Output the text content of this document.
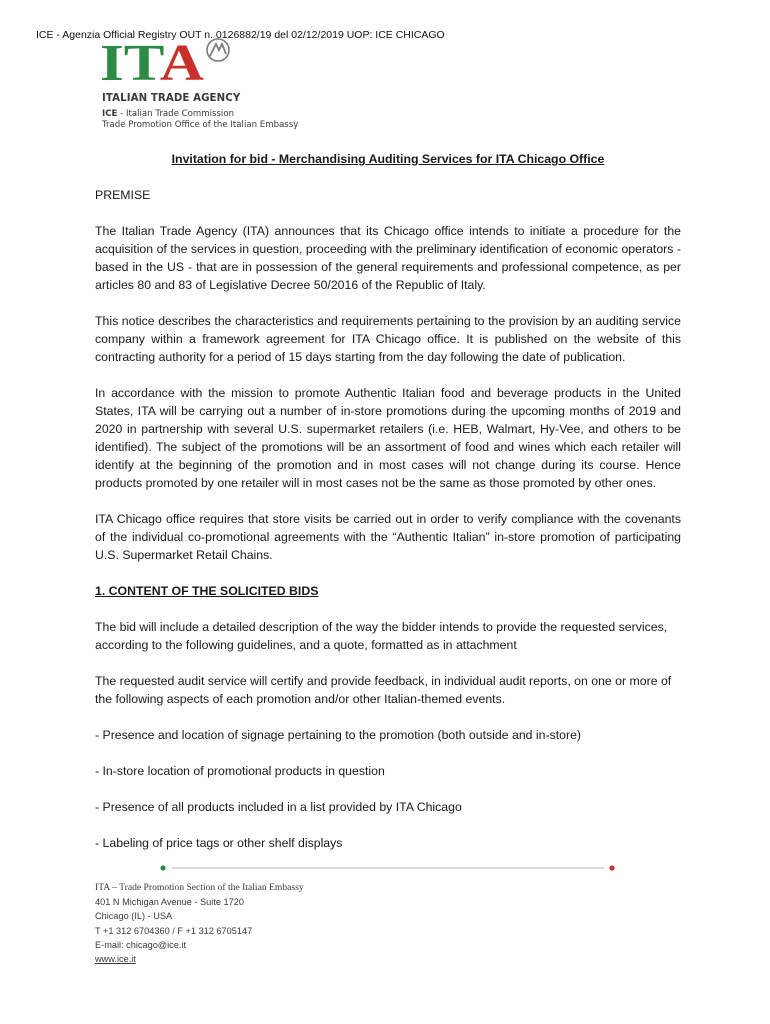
ICE - Agenzia Official Registry OUT n. 0126882/19 del 02/12/2019 UOP: ICE CHICAGO
IT A
ITALIAN TRADE AGENCY
ICE - Italian Trade Commission
Trade Promotion Office of the Italian Embassy
Invitation for bid - Merchandising Auditing Services for ITA Chicago Office

PREMISE

The Italian Trade Agency (ITA) announces that its Chicago office intends to initiate a procedure for the acquisition of the services in question, proceeding with the preliminary identification of economic operators - based in the US - that are in possession of the general requirements and professional competence, as per articles 80 and 83 of Legislative Decree 50/2016 of the Republic of Italy.

This notice describes the characteristics and requirements pertaining to the provision by an auditing service company within a framework agreement for ITA Chicago office. It is published on the website of this contracting authority for a period of 15 days starting from the day following the date of publication.

In accordance with the mission to promote Authentic Italian food and beverage products in the United States, ITA will be carrying out a number of in-store promotions during the upcoming months of 2019 and 2020 in partnership with several U.S. supermarket retailers (i.e. HEB, Walmart, Hy-Vee, and others to be identified). The subject of the promotions will be an assortment of food and wines which each retailer will identify at the beginning of the promotion and in most cases will not change during its course. Hence products promoted by one retailer will in most cases not be the same as those promoted by other ones.

ITA Chicago office requires that store visits be carried out in order to verify compliance with the covenants of the individual co-promotional agreements with the “Authentic Italian” in-store promotion of participating U.S. Supermarket Retail Chains.

1. CONTENT OF THE SOLICITED BIDS

The bid will include a detailed description of the way the bidder intends to provide the requested services, according to the following guidelines, and a quote, formatted as in attachment

The requested audit service will certify and provide feedback, in individual audit reports, on one or more of the following aspects of each promotion and/or other Italian-themed events.

- Presence and location of signage pertaining to the promotion (both outside and in-store)
- In-store location of promotional products in question
- Presence of all products included in a list provided by ITA Chicago
- Labeling of price tags or other shelf displays
ITA – Trade Promotion Section of the Italian Embassy
401 N Michigan Avenue - Suite 1720
Chicago (IL) - USA
T +1 312 6704360 / F +1 312 6705147
E-mail: chicago@ice.it
www.ice.it
